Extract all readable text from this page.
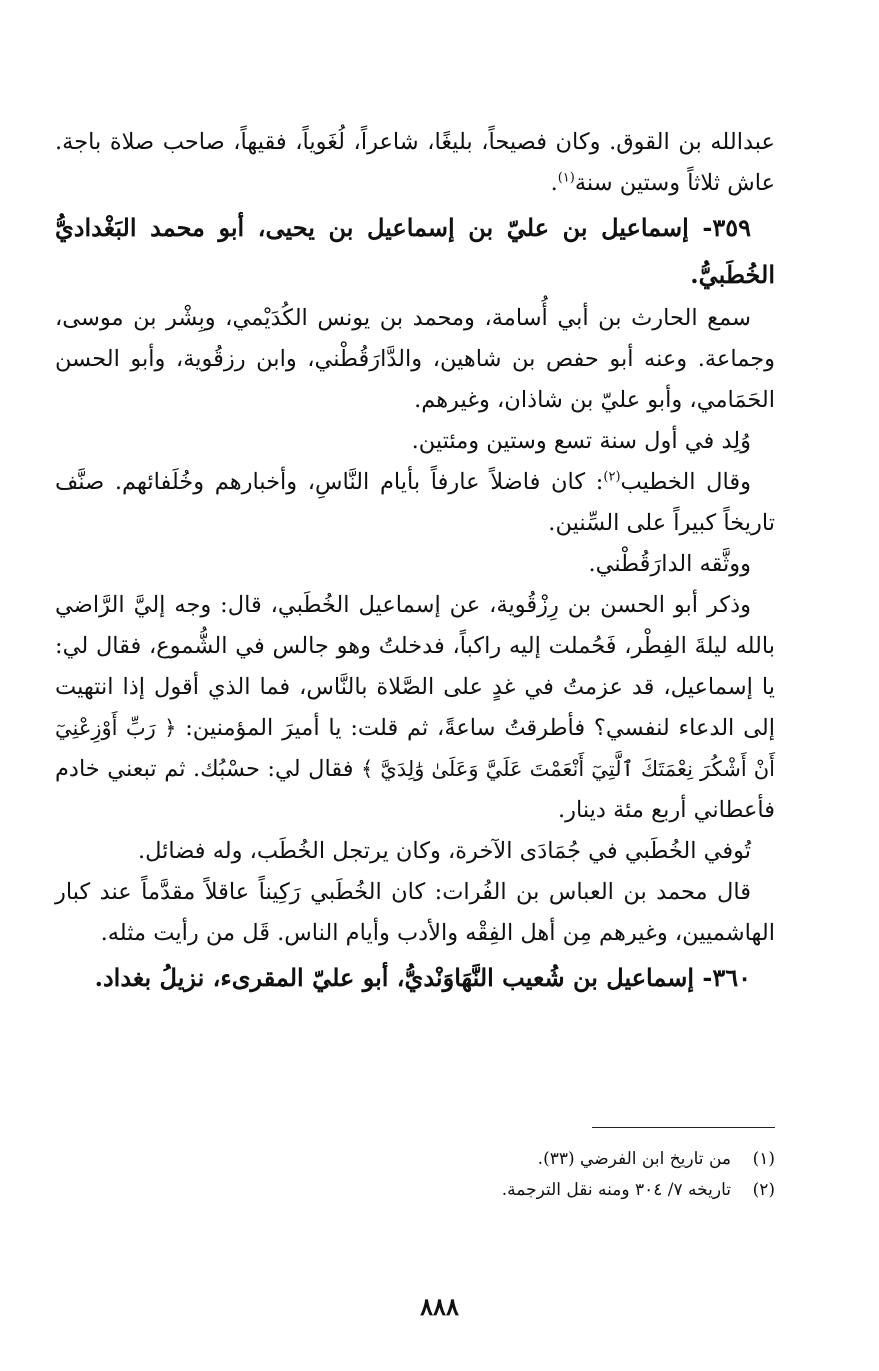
عبدالله بن القوق. وكان فصيحاً، بليغًا، شاعراً، لُغَوياً، فقيهاً، صاحب صلاة باجة. عاش ثلاثاً وستين سنة$^{(١)}$.

٣٥٩- إسماعيل بن عليّ بن إسماعيل بن يحيى، أبو محمد البَغْداديُّ الخُطَبيُّ.

سمع الحارث بن أبي أُسامة، ومحمد بن يونس الكُدَيْمي، وبِشْر بن موسى، وجماعة. وعنه أبو حفص بن شاهين، والدَّارَقُطْني، وابن رزقُوية، وأبو الحسن الحَمَامي، وأبو عليّ بن شاذان، وغيرهم.

وُلِد في أول سنة تسع وستين ومئتين.

وقال الخطيب$^{(٢)}$: كان فاضلاً عارفاً بأيام النَّاسِ، وأخبارهم وخُلَفائهم. صنَّف تاريخاً كبيراً على السِّنين.

ووثَّقه الدارَقُطْني.

وذكر أبو الحسن بن رِزْقُوية، عن إسماعيل الخُطَبي، قال: وجه إليَّ الرَّاضي بالله ليلةَ الفِطْر، فَحُملت إليه راكباً، فدخلتُ وهو جالس في الشُّموع، فقال لي: يا إسماعيل، قد عزمتُ في غدٍ على الصَّلاة بالنَّاس، فما الذي أقول إذا انتهيت إلى الدعاء لنفسي؟ فأطرقتُ ساعةً، ثم قلت: يا أميرَ المؤمنين: ﴿ رَبِّ أَوْزِعْنِيٓ أَنْ أَشْكُرَ نِعْمَتَكَ ٱلَّتِيٓ أَنْعَمْتَ عَلَيَّ وَعَلَىٰ وَٰلِدَيَّ ﴾ فقال لي: حسْبُك. ثم تبعني خادم فأعطاني أربع مئة دينار.

تُوفي الخُطَبي في جُمَادَى الآخرة، وكان يرتجل الخُطَب، وله فضائل.

قال محمد بن العباس بن الفُرات: كان الخُطَبي رَكِيناً عاقلاً مقدَّماً عند كبار الهاشميين، وغيرهم مِن أهل الفِقْه والأدب وأيام الناس. قَل من رأيت مثله.

٣٦٠- إسماعيل بن شُعيب النَّهَاوَنْديُّ، أبو عليّ المقرىء، نزيلُ بغداد.

(١)من تاريخ ابن الفرضي (٣٣).

(٢)تاريخه ٧/ ٣٠٤ ومنه نقل الترجمة.

٨٨٨
